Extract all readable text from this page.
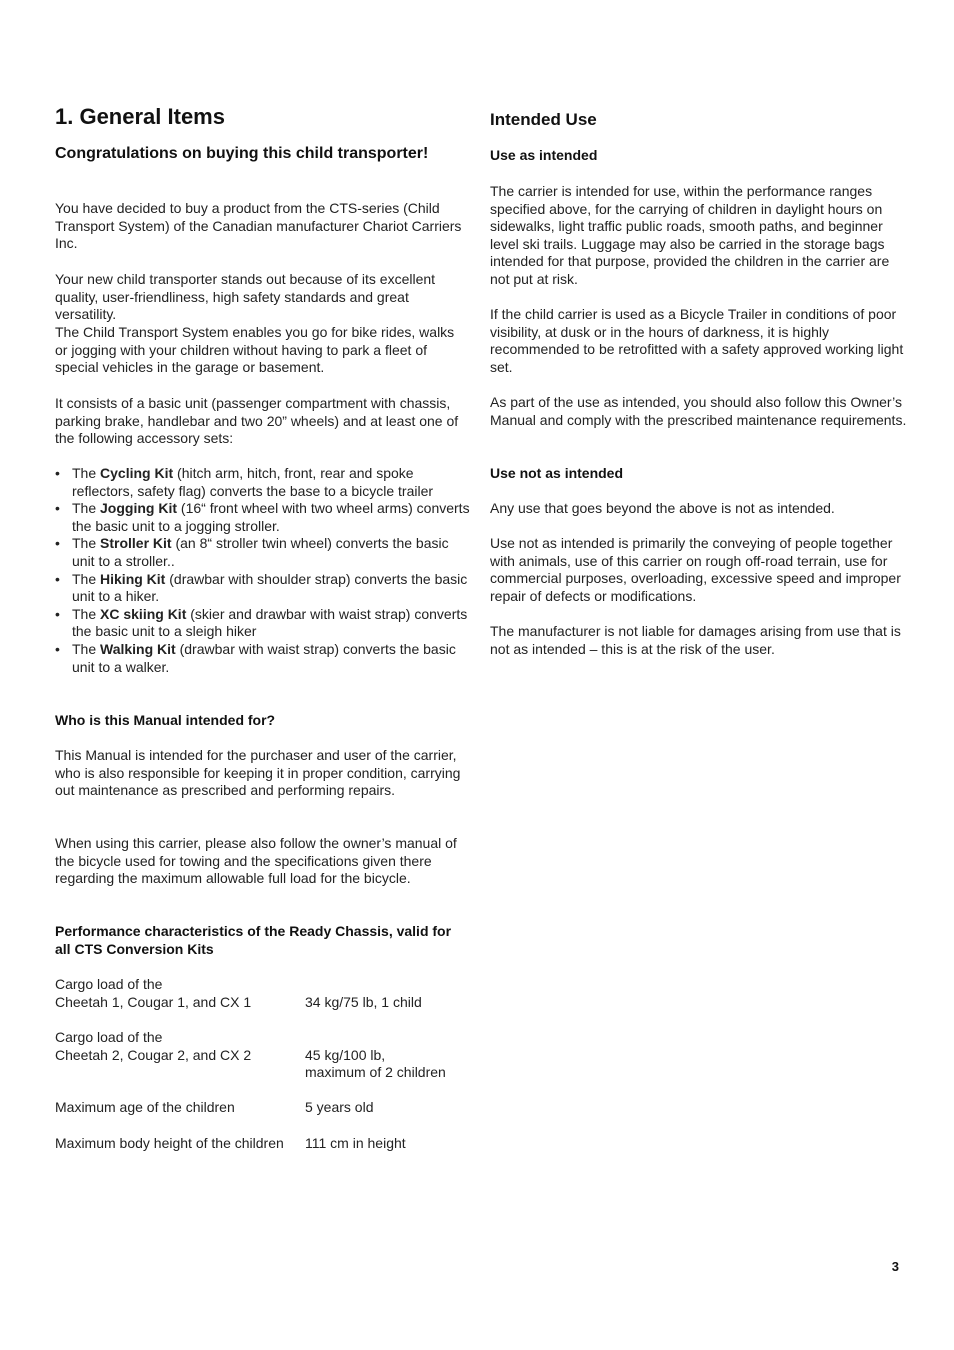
1. General Items
Congratulations on buying this child transporter!

You have decided to buy a product from the CTS-series (Child Transport System) of the Canadian manufacturer Chariot Carriers Inc.

Your new child transporter stands out because of its excellent quality, user-friendliness, high safety standards and great versatility.

The Child Transport System enables you go for bike rides, walks or jogging with your children without having to park a fleet of special vehicles in the garage or basement.

It consists of a basic unit (passenger compartment with chassis, parking brake, handlebar and two 20” wheels) and at least one of the following accessory sets:

• The Cycling Kit (hitch arm, hitch, front, rear and spoke reflectors, safety flag) converts the base to a bicycle trailer
• The Jogging Kit (16“ front wheel with two wheel arms) converts the basic unit to a jogging stroller.
• The Stroller Kit (an 8“ stroller twin wheel) converts the basic unit to a stroller..
• The Hiking Kit (drawbar with shoulder strap) converts the basic unit to a hiker.
• The XC skiing Kit (skier and drawbar with waist strap) converts the basic unit to a sleigh hiker
• The Walking Kit (drawbar with waist strap) converts the basic unit to a walker.
Who is this Manual intended for?

This Manual is intended for the purchaser and user of the carrier, who is also responsible for keeping it in proper condition, carrying out maintenance as prescribed and performing repairs.

When using this carrier, please also follow the owner’s manual of the bicycle used for towing and the specifications given there regarding the maximum allowable full load for the bicycle.

Performance characteristics of the Ready Chassis, valid for all CTS Conversion Kits
Cargo load of the
Cheetah 1, Cougar 1, and CX 1	34 kg/75 lb, 1 child
Cargo load of the
Cheetah 2, Cougar 2, and CX 2	45 kg/100 lb,
maximum of 2 children
Maximum age of the children	5 years old
Maximum body height of the children	111 cm in height
Intended Use
Use as intended

The carrier is intended for use, within the performance ranges specified above, for the carrying of children in daylight hours on sidewalks, light traffic public roads, smooth paths, and beginner level ski trails. Luggage may also be carried in the storage bags intended for that purpose, provided the children in the carrier are not put at risk.

If the child carrier is used as a Bicycle Trailer in conditions of poor visibility, at dusk or in the hours of darkness, it is highly recommended to be retrofitted with a safety approved working light set.

As part of the use as intended, you should also follow this Owner’s Manual and comply with the prescribed maintenance requirements.

Use not as intended

Any use that goes beyond the above is not as intended.

Use not as intended is primarily the conveying of people together with animals, use of this carrier on rough off-road terrain, use for commercial purposes, overloading, excessive speed and improper repair of defects or modifications.

The manufacturer is not liable for damages arising from use that is not as intended – this is at the risk of the user.

3
